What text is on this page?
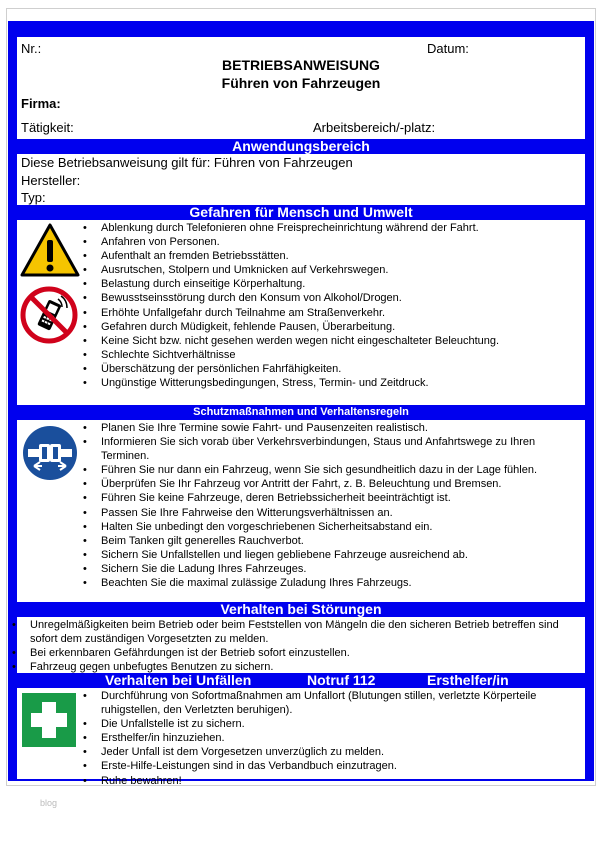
Nr.:	Datum:
BETRIEBSANWEISUNG
Führen von Fahrzeugen
Firma:
Tätigkeit:	Arbeitsbereich/-platz:
Anwendungsbereich
Diese Betriebsanweisung gilt für: Führen von Fahrzeugen
Hersteller:
Typ:
Gefahren für Mensch und Umwelt
• Ablenkung durch Telefonieren ohne Freisprecheinrichtung während der Fahrt.
• Anfahren von Personen.
• Aufenthalt an fremden Betriebsstätten.
• Ausrutschen, Stolpern und Umknicken auf Verkehrswegen.
• Belastung durch einseitige Körperhaltung.
• Bewusstseinsstörung durch den Konsum von Alkohol/Drogen.
• Erhöhte Unfallgefahr durch Teilnahme am Straßenverkehr.
• Gefahren durch Müdigkeit, fehlende Pausen, Überarbeitung.
• Keine Sicht bzw. nicht gesehen werden wegen nicht eingeschalteter Beleuchtung.
• Schlechte Sichtverhältnisse
• Überschätzung der persönlichen Fahrfähigkeiten.
• Ungünstige Witterungsbedingungen, Stress, Termin- und Zeitdruck.
Schutzmaßnahmen und Verhaltensregeln
• Planen Sie Ihre Termine sowie Fahrt- und Pausenzeiten realistisch.
• Informieren Sie sich vorab über Verkehrsverbindungen, Staus und Anfahrtswege zu Ihren Terminen.
• Führen Sie nur dann ein Fahrzeug, wenn Sie sich gesundheitlich dazu in der Lage fühlen.
• Überprüfen Sie Ihr Fahrzeug vor Antritt der Fahrt, z. B. Beleuchtung und Bremsen.
• Führen Sie keine Fahrzeuge, deren Betriebssicherheit beeinträchtigt ist.
• Passen Sie Ihre Fahrweise den Witterungsverhältnissen an.
• Halten Sie unbedingt den vorgeschriebenen Sicherheitsabstand ein.
• Beim Tanken gilt generelles Rauchverbot.
• Sichern Sie Unfallstellen und liegen gebliebene Fahrzeuge ausreichend ab.
• Sichern Sie die Ladung Ihres Fahrzeuges.
• Beachten Sie die maximal zulässige Zuladung Ihres Fahrzeugs.
Verhalten bei Störungen
• Unregelmäßigkeiten beim Betrieb oder beim Feststellen von Mängeln die den sicheren Betrieb betreffen sind sofort dem zuständigen Vorgesetzten zu melden.
• Bei erkennbaren Gefährdungen ist der Betrieb sofort einzustellen.
• Fahrzeug gegen unbefugtes Benutzen zu sichern.
Verhalten bei Unfällen	Notruf 112	Ersthelfer/in
• Durchführung von Sofortmaßnahmen am Unfallort (Blutungen stillen, verletzte Körperteile ruhigstellen, den Verletzten beruhigen).
• Die Unfallstelle ist zu sichern.
• Ersthelfer/in hinzuziehen.
• Jeder Unfall ist dem Vorgesetzen unverzüglich zu melden.
• Erste-Hilfe-Leistungen sind in das Verbandbuch einzutragen.
• Ruhe bewahren!
blog
